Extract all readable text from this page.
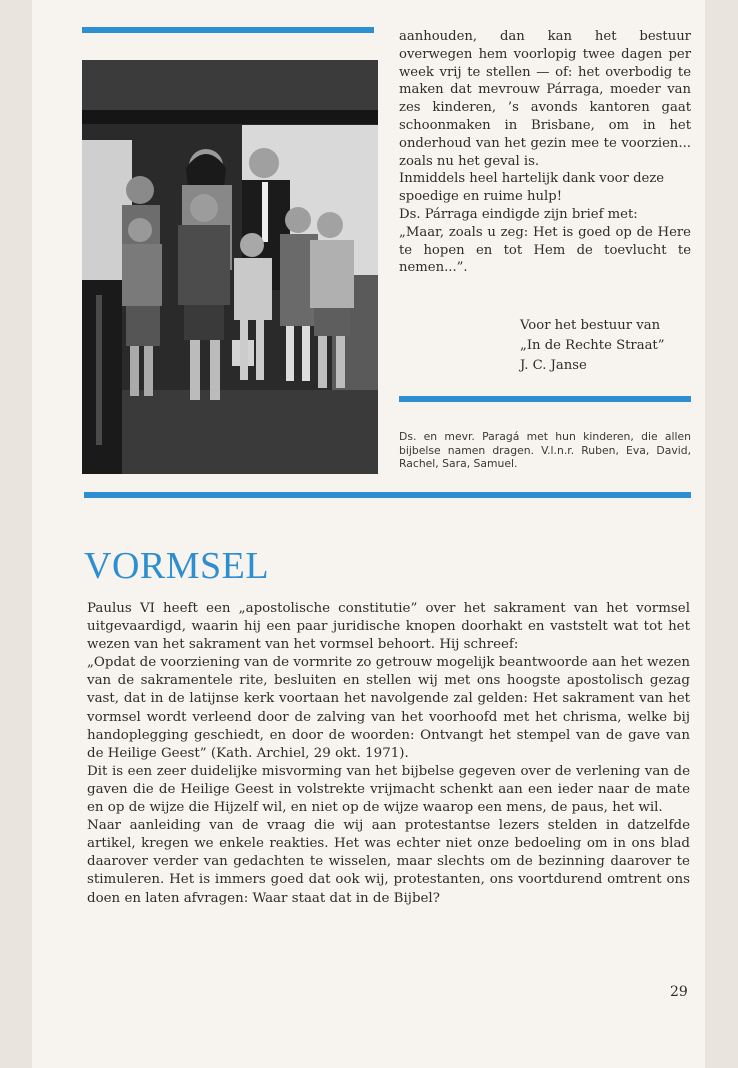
aanhouden, dan kan het bestuur overwegen hem voorlopig twee dagen per week vrij te stellen — of: het overbodig te maken dat mevrouw Párraga, moeder van zes kinderen, ’s avonds kantoren gaat schoonmaken in Brisbane, om in het onderhoud van het gezin mee te voorzien... zoals nu het geval is.

Inmiddels heel hartelijk dank voor deze spoedige en ruime hulp!

Ds. Párraga eindigde zijn brief met:

„Maar, zoals u zeg: Het is goed op de Here te hopen en tot Hem de toevlucht te nemen...”.

Voor het bestuur van
„In de Rechte Straat”
J. C. Janse
Ds. en mevr. Paragá met hun kinderen, die allen bijbelse namen dragen. V.l.n.r. Ruben, Eva, David, Rachel, Sara, Samuel.
VORMSEL

Paulus VI heeft een „apostolische constitutie” over het sakrament van het vormsel uitgevaardigd, waarin hij een paar juridische knopen doorhakt en vaststelt wat tot het wezen van het sakrament van het vormsel behoort. Hij schreef:

„Opdat de voorziening van de vormrite zo getrouw mogelijk beantwoorde aan het wezen van de sakramentele rite, besluiten en stellen wij met ons hoogste apostolisch gezag vast, dat in de latijnse kerk voortaan het navolgende zal gelden: Het sakrament van het vormsel wordt verleend door de zalving van het voorhoofd met het chrisma, welke bij handoplegging geschiedt, en door de woorden: Ontvangt het stempel van de gave van de Heilige Geest” (Kath. Archiel, 29 okt. 1971).

Dit is een zeer duidelijke misvorming van het bijbelse gegeven over de verlening van de gaven die de Heilige Geest in volstrekte vrijmacht schenkt aan een ieder naar de mate en op de wijze die Hijzelf wil, en niet op de wijze waarop een mens, de paus, het wil.

Naar aanleiding van de vraag die wij aan protestantse lezers stelden in datzelfde artikel, kregen we enkele reakties. Het was echter niet onze bedoeling om in ons blad daarover verder van gedachten te wisselen, maar slechts om de bezinning daarover te stimuleren. Het is immers goed dat ook wij, protestanten, ons voortdurend omtrent ons doen en laten afvragen: Waar staat dat in de Bijbel?

29
